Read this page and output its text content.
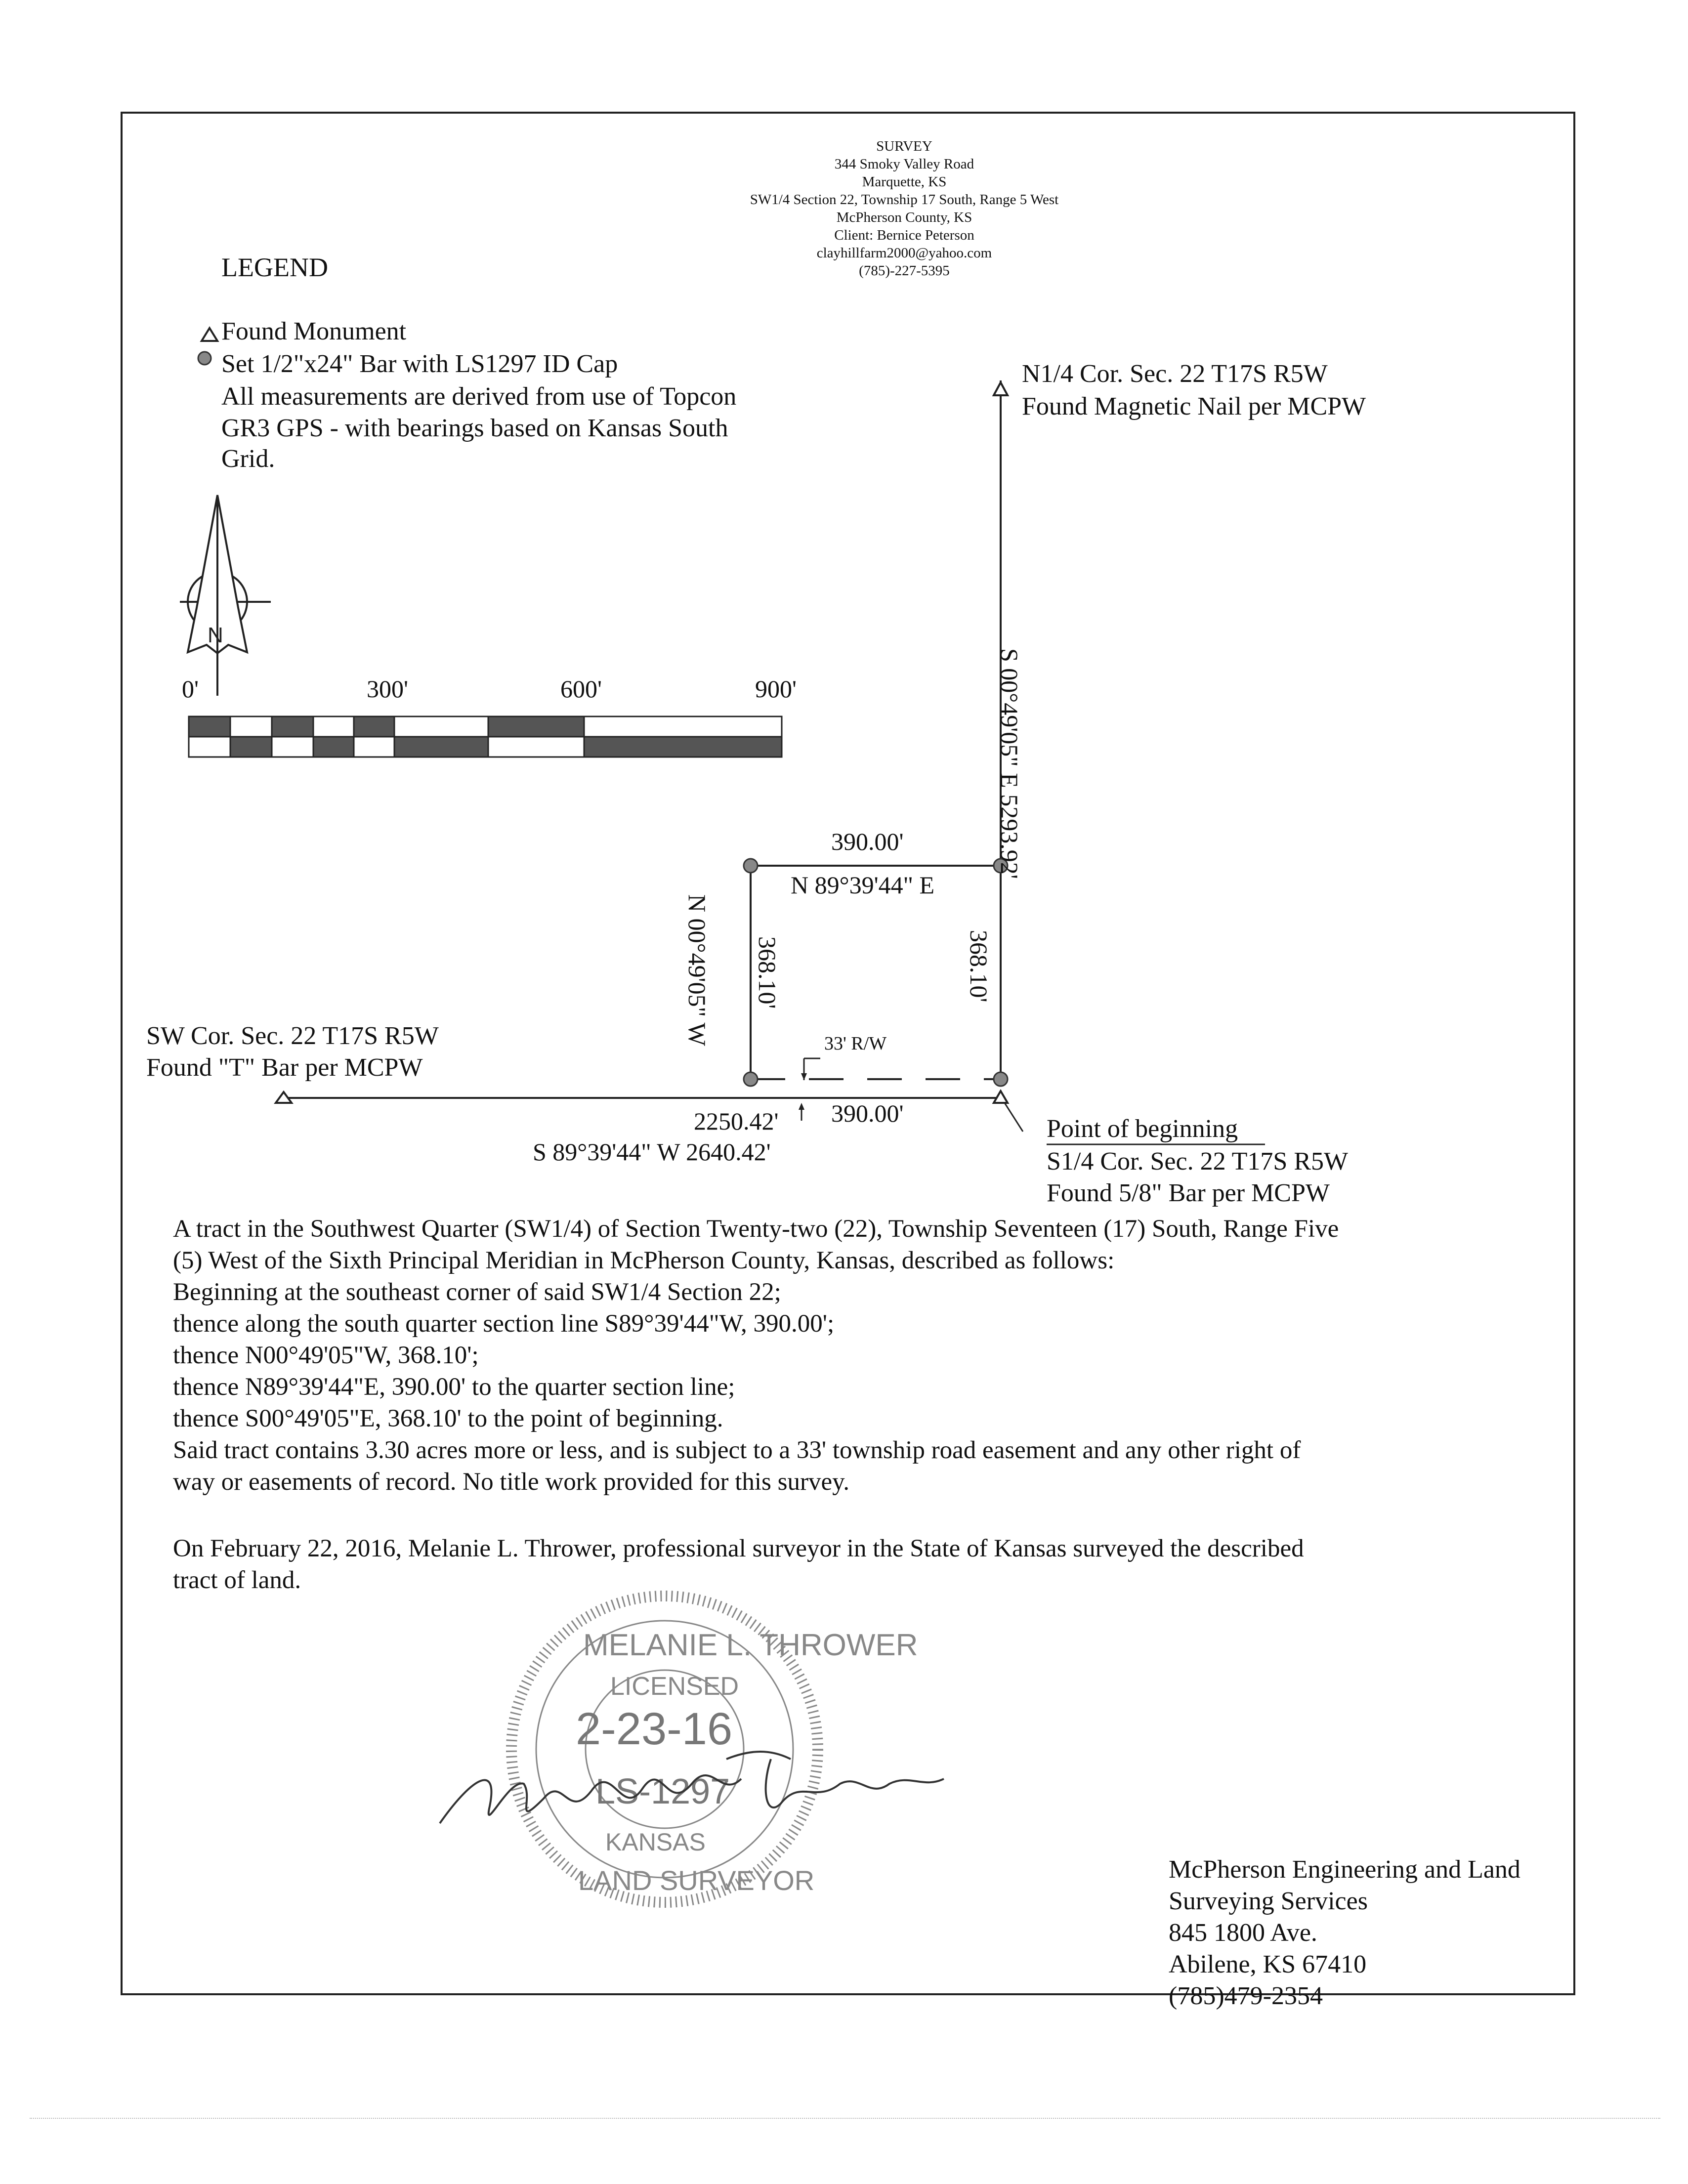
SURVEY
344 Smoky Valley Road
Marquette, KS
SW1/4 Section 22, Township 17 South, Range 5 West
McPherson County, KS
Client: Bernice Peterson
clayhillfarm2000@yahoo.com
(785)-227-5395
LEGEND
Found Monument
Set 1/2"x24" Bar with LS1297 ID Cap
All measurements are derived from use of Topcon
GR3 GPS - with bearings based on Kansas South
Grid.
N
2-23-16
LS-1297
MELANIE L. THROWER
LICENSED
KANSAS
LAND SURVEYOR
Melanie Thrower
0'	300'	600'	900'
N1/4 Cor. Sec. 22 T17S R5W
Found Magnetic Nail per MCPW
SW Cor. Sec. 22 T17S R5W
Found "T" Bar per MCPW
Point of beginning
S1/4 Cor. Sec. 22 T17S R5W
Found 5/8" Bar per MCPW
390.00'
N 89°39'44" E
2250.42' 390.00'
S 89°39'44" W 2640.42'
33' R/W
S 00°49'05" E 5293.92'
368.10'
368.10'
N 00°49'05" W
A tract in the Southwest Quarter (SW1/4) of Section Twenty-two (22), Township Seventeen (17) South, Range Five
(5) West of the Sixth Principal Meridian in McPherson County, Kansas, described as follows:
Beginning at the southeast corner of said SW1/4 Section 22;
thence along the south quarter section line S89°39'44"W, 390.00';
thence N00°49'05"W, 368.10';
thence N89°39'44"E, 390.00' to the quarter section line;
thence S00°49'05"E, 368.10' to the point of beginning.
Said tract contains 3.30 acres more or less, and is subject to a 33' township road easement and any other right of
way or easements of record. No title work provided for this survey.
On February 22, 2016, Melanie L. Thrower, professional surveyor in the State of Kansas surveyed the described
tract of land.
McPherson Engineering and Land
Surveying Services
845 1800 Ave.
Abilene, KS 67410
(785)479-2354
